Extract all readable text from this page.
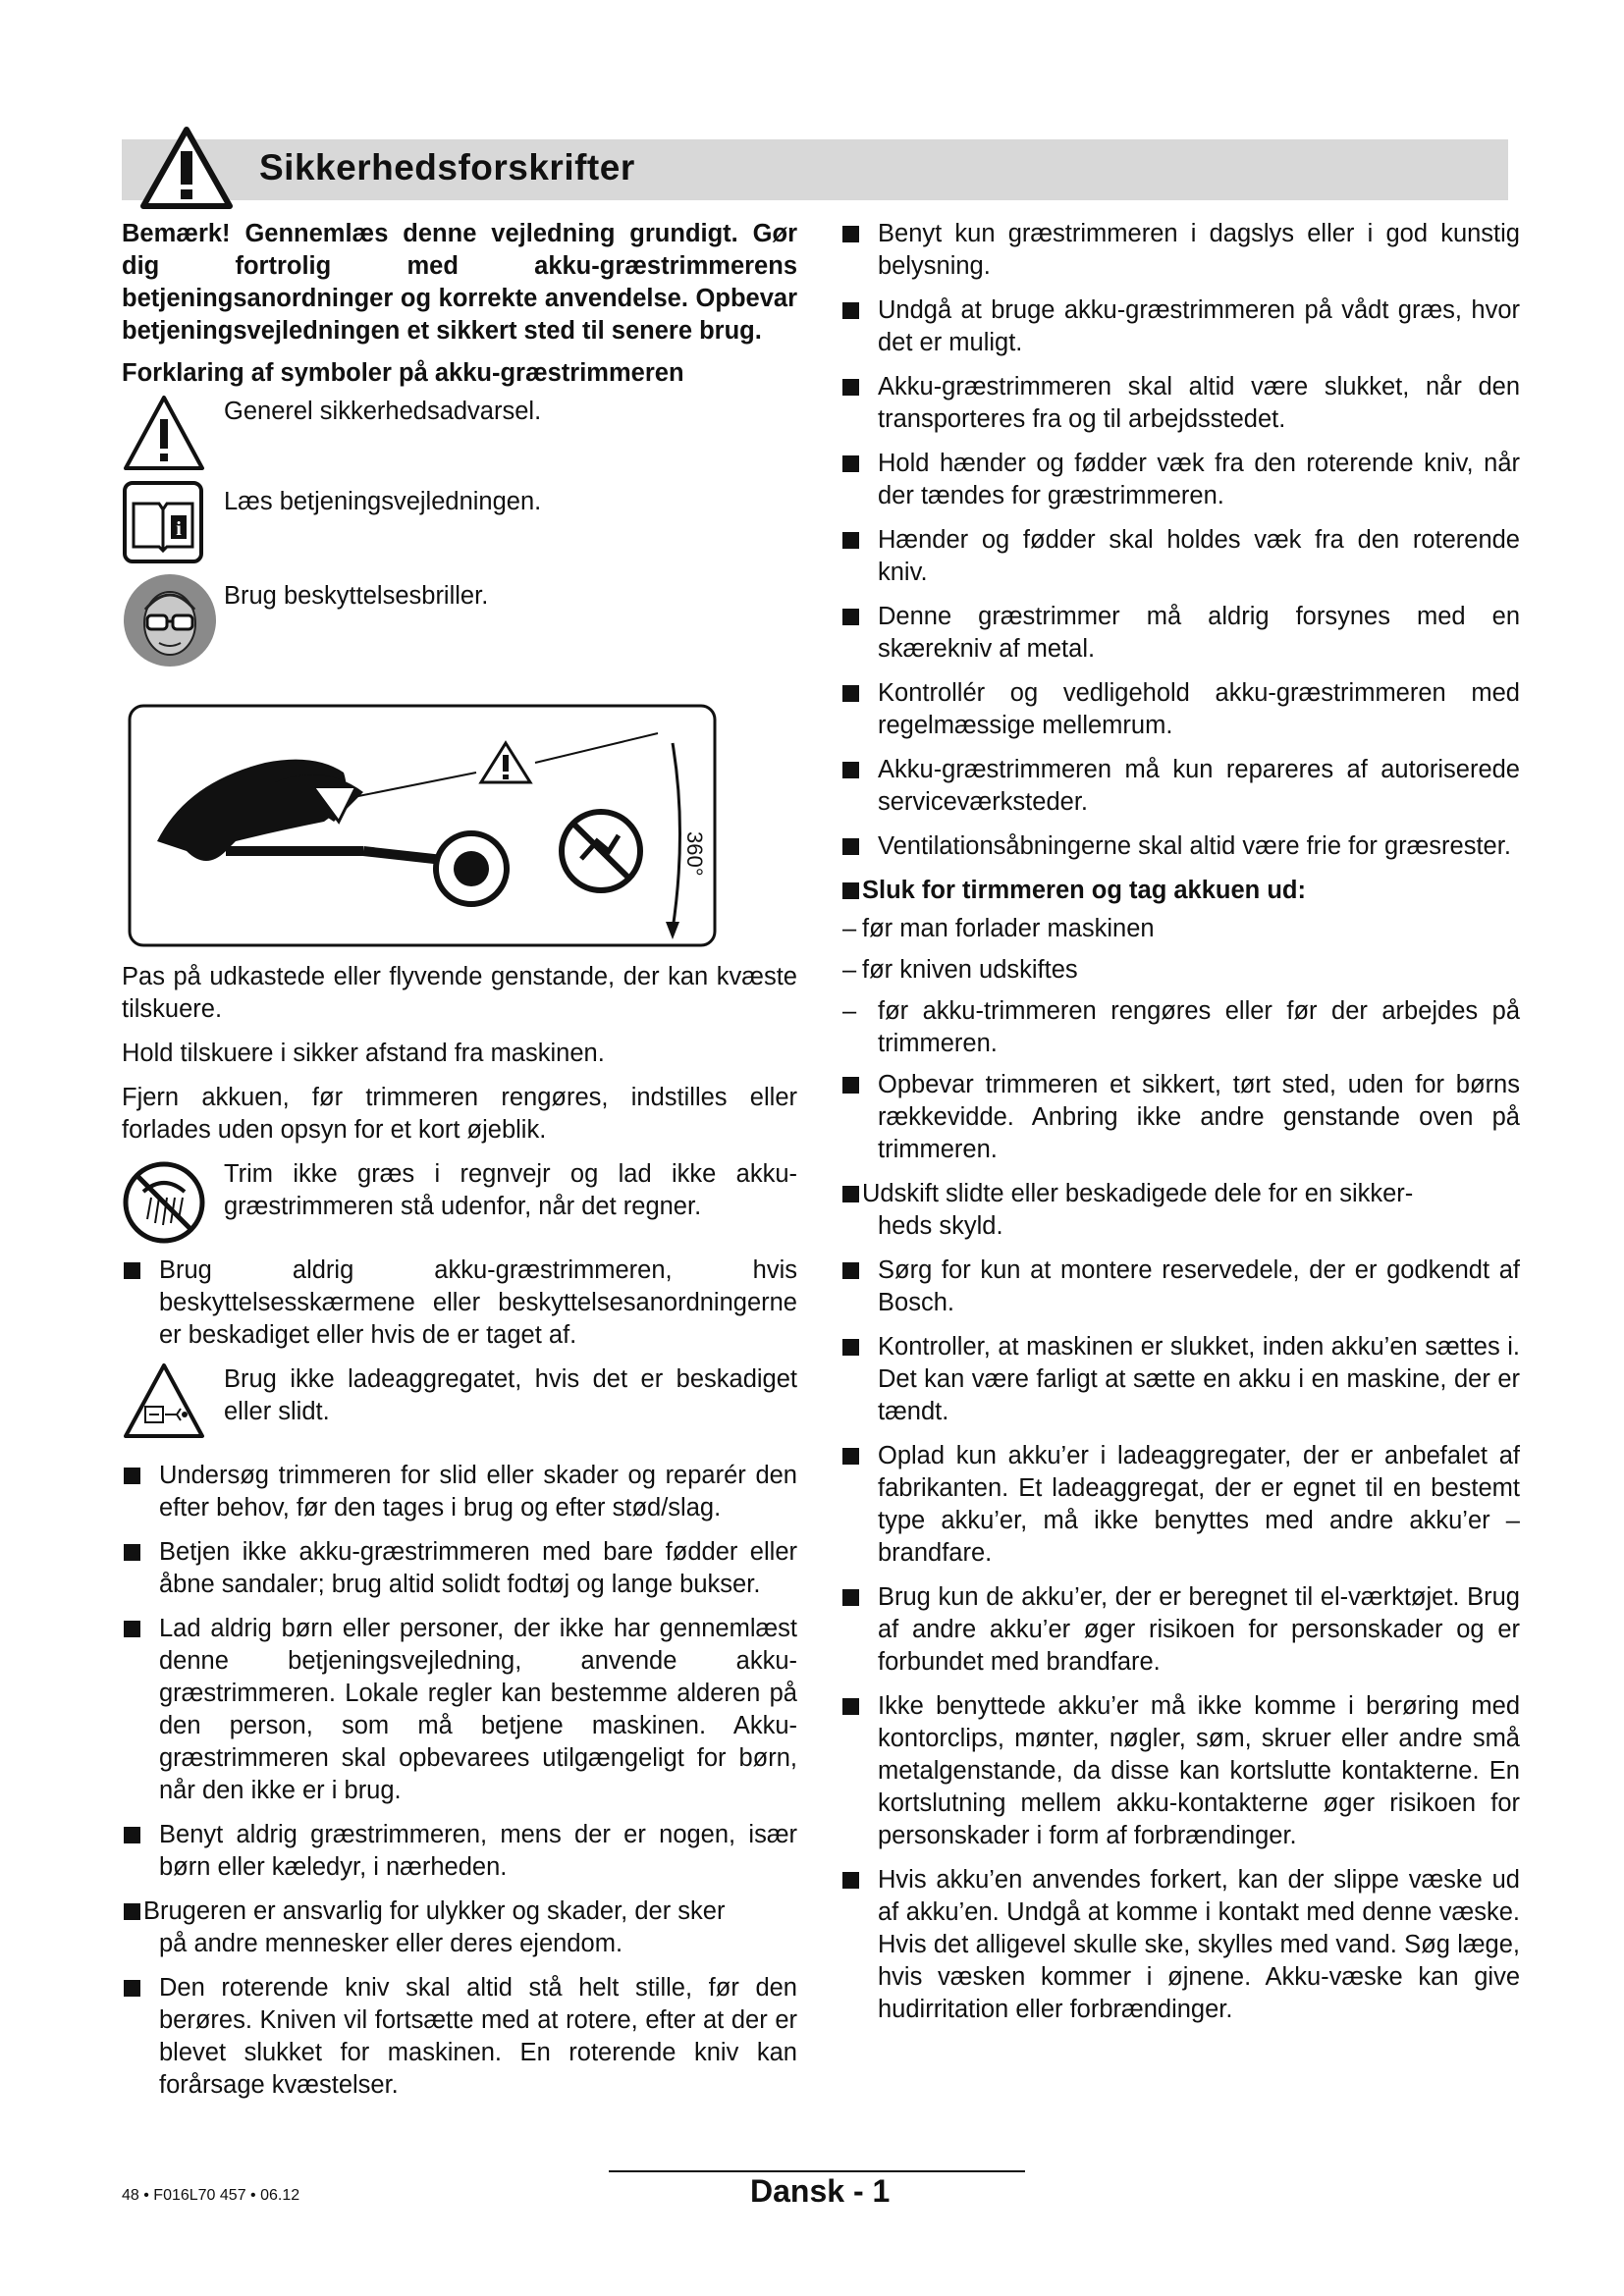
Sikkerhedsforskrifter

Bemærk! Gennemlæs denne vejledning grundigt. Gør dig fortrolig med akku-græstrimmerens betjeningsanordninger og korrekte anvendelse. Opbevar betjeningsvejledningen et sikkert sted til senere brug.

Forklaring af symboler på akku-græstrimmeren

Generel sikkerhedsadvarsel.
i
Læs betjeningsvejledningen.
Brug beskyttelsesbriller.
360°

Pas på udkastede eller flyvende genstande, der kan kvæste tilskuere.

Hold tilskuere i sikker afstand fra maskinen.

Fjern akkuen, før trimmeren rengøres, indstilles eller forlades uden opsyn for et kort øjeblik.

Trim ikke græs i regnvejr og lad ikke akku-græstrimmeren stå udenfor, når det regner.
Brug aldrig akku-græstrimmeren, hvis beskyttelsesskærmene eller beskyttelsesanordningerne er beskadiget eller hvis de er taget af.
Brug ikke ladeaggregatet, hvis det er beskadiget eller slidt.
Undersøg trimmeren for slid eller skader og reparér den efter behov, før den tages i brug og efter stød/slag.
Betjen ikke akku-græstrimmeren med bare fødder eller åbne sandaler; brug altid solidt fodtøj og lange bukser.
Lad aldrig børn eller personer, der ikke har gennemlæst denne betjeningsvejledning, anvende akku-græstrimmeren. Lokale regler kan bestemme alderen på den person, som må betjene maskinen. Akku-græstrimmeren skal opbevarees utilgængeligt for børn, når den ikke er i brug.
Benyt aldrig græstrimmeren, mens der er nogen, især børn eller kæledyr, i nærheden.
Brugeren er ansvarlig for ulykker og skader, der sker
på andre mennesker eller deres ejendom.
Den roterende kniv skal altid stå helt stille, før den berøres. Kniven vil fortsætte med at rotere, efter at der er blevet slukket for maskinen. En roterende kniv kan forårsage kvæstelser.
Benyt kun græstrimmeren i dagslys eller i god kunstig belysning.
Undgå at bruge akku-græstrimmeren på vådt græs, hvor det er muligt.
Akku-græstrimmeren skal altid være slukket, når den transporteres fra og til arbejdsstedet.
Hold hænder og fødder væk fra den roterende kniv, når der tændes for græstrimmeren.
Hænder og fødder skal holdes væk fra den roterende kniv.
Denne græstrimmer må aldrig forsynes med en skærekniv af metal.
Kontrollér og vedligehold akku-græstrimmeren med regelmæssige mellemrum.
Akku-græstrimmeren må kun repareres af autoriserede serviceværksteder.
Ventilationsåbningerne skal altid være frie for græsrester.
Sluk for tirmmeren og tag akkuen ud:
– før man forlader maskinen
– før kniven udskiftes
– før akku-trimmeren rengøres eller før der arbejdes på trimmeren.
Opbevar trimmeren et sikkert, tørt sted, uden for børns rækkevidde. Anbring ikke andre genstande oven på trimmeren.
Udskift slidte eller beskadigede dele for en sikker-
heds skyld.
Sørg for kun at montere reservedele, der er godkendt af Bosch.
Kontroller, at maskinen er slukket, inden akku’en sættes i. Det kan være farligt at sætte en akku i en maskine, der er tændt.
Oplad kun akku’er i ladeaggregater, der er anbefalet af fabrikanten. Et ladeaggregat, der er egnet til en bestemt type akku’er, må ikke benyttes med andre akku’er – brandfare.
Brug kun de akku’er, der er beregnet til el-værktøjet. Brug af andre akku’er øger risikoen for personskader og er forbundet med brandfare.
Ikke benyttede akku’er må ikke komme i berøring med kontorclips, mønter, nøgler, søm, skruer eller andre små metalgenstande, da disse kan kortslutte kontakterne. En kortslutning mellem akku-kontakterne øger risikoen for personskader i form af forbrændinger.
Hvis akku’en anvendes forkert, kan der slippe væske ud af akku’en. Undgå at komme i kontakt med denne væske. Hvis det alligevel skulle ske, skylles med vand. Søg læge, hvis væsken kommer i øjnene. Akku-væske kan give hudirritation eller forbrændinger.
48 • F016L70 457 • 06.12	Dansk - 1
